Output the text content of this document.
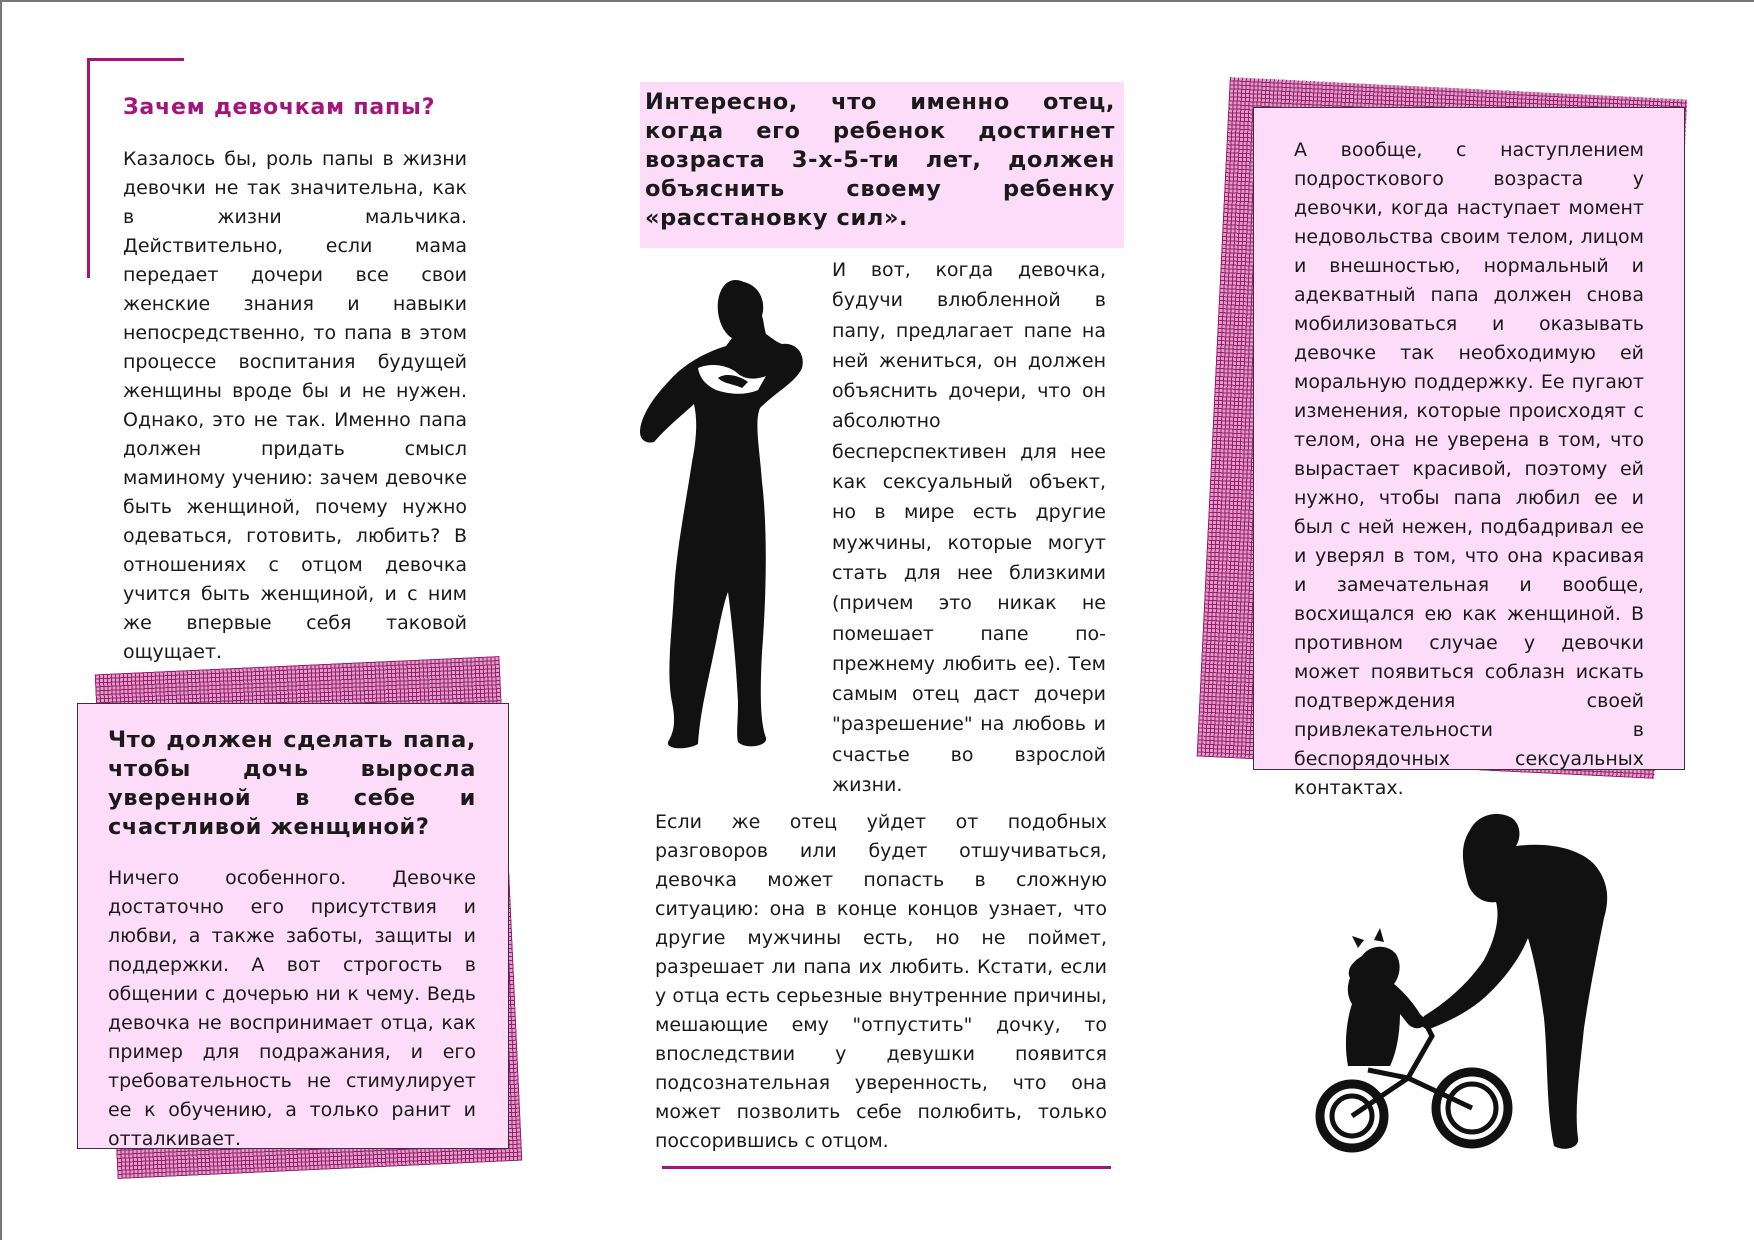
Зачем девочкам папы?

Казалось бы, роль папы в жизни девочки не так значительна, как в жизни мальчика. Действительно, если мама передает дочери все свои женские знания и навыки непосредственно, то папа в этом процессе воспитания будущей женщины вроде бы и не нужен. Однако, это не так. Именно папа должен придать смысл маминому учению: зачем девочке быть женщиной, почему нужно одеваться, готовить, любить? В отношениях с отцом девочка учится быть женщиной, и с ним же впервые себя таковой ощущает.

Что должен сделать папа, чтобы дочь выросла уверенной в себе и счастливой женщиной?

Ничего особенного. Девочке достаточно его присутствия и любви, а также заботы, защиты и поддержки. А вот строгость в общении с дочерью ни к чему. Ведь девочка не воспринимает отца, как пример для подражания, и его требовательность не стимулирует ее к обучению, а только ранит и отталкивает.

Интересно, что именно отец, когда его ребенок достигнет возраста 3-х-5-ти лет, должен объяснить своему ребенку «расстановку сил».

И вот, когда девочка, будучи влюбленной в папу, предлагает папе на ней жениться, он должен объяснить дочери, что он абсолютно бесперспективен для нее как сексуальный объект, но в мире есть другие мужчины, которые могут стать для нее близкими (причем это никак не помешает папе по-прежнему любить ее). Тем самым отец даст дочери "разрешение" на любовь и счастье во взрослой жизни.

Если же отец уйдет от подобных разговоров или будет отшучиваться, девочка может попасть в сложную ситуацию: она в конце концов узнает, что другие мужчины есть, но не поймет, разрешает ли папа их любить. Кстати, если у отца есть серьезные внутренние причины, мешающие ему "отпустить" дочку, то впоследствии у девушки появится подсознательная уверенность, что она может позволить себе полюбить, только поссорившись с отцом.

А вообще, с наступлением подросткового возраста у девочки, когда наступает момент недовольства своим телом, лицом и внешностью, нормальный и адекватный папа должен снова мобилизоваться и оказывать девочке так необходимую ей моральную поддержку. Ее пугают изменения, которые происходят с телом, она не уверена в том, что вырастает красивой, поэтому ей нужно, чтобы папа любил ее и был с ней нежен, подбадривал ее и уверял в том, что она красивая и замечательная и вообще, восхищался ею как женщиной. В противном случае у девочки может появиться соблазн искать подтверждения своей привлекательности в беспорядочных сексуальных контактах.
